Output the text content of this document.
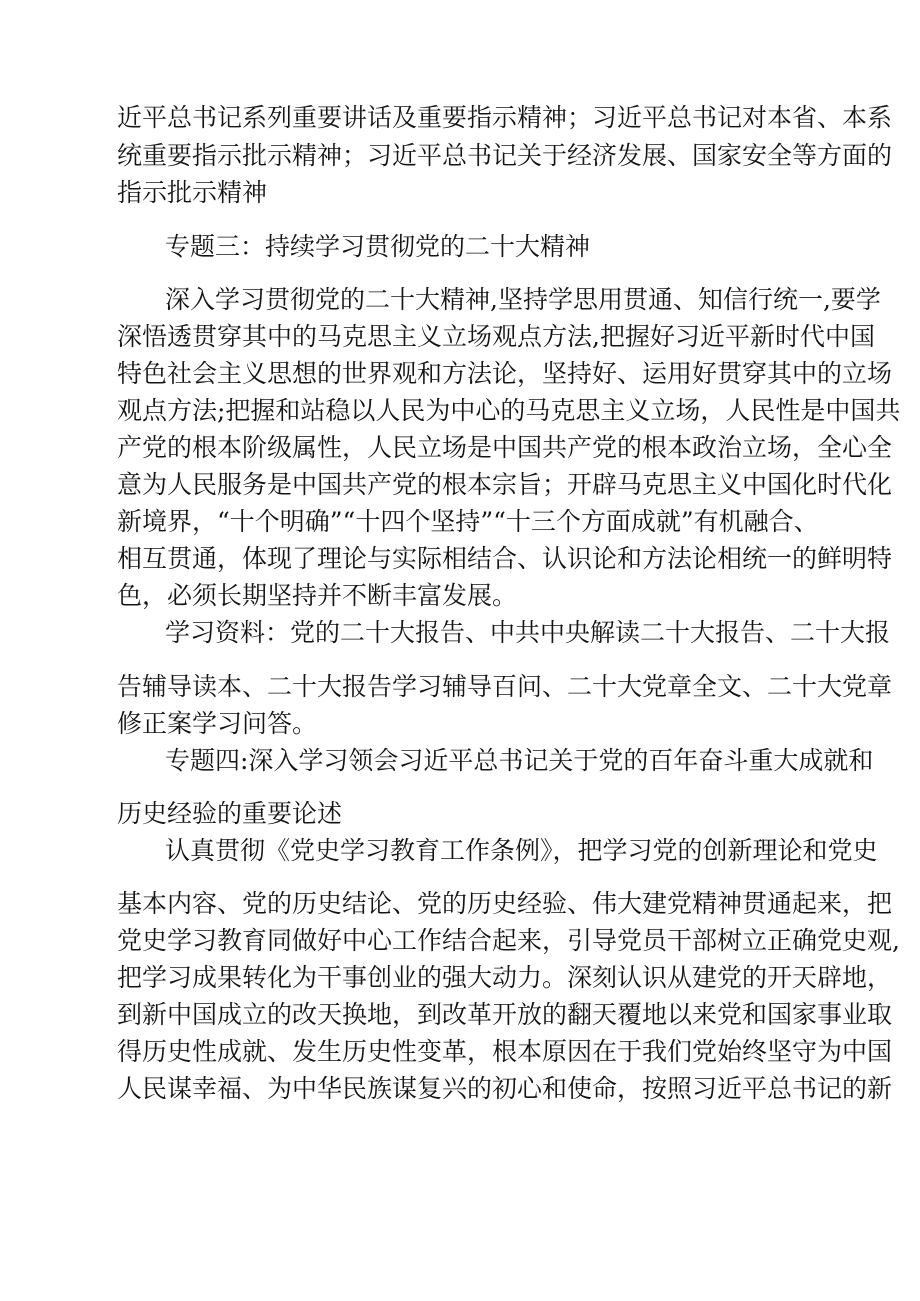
近平总书记系列重要讲话及重要指示精神；习近平总书记对本省、本系
统重要指示批示精神；习近平总书记关于经济发展、国家安全等方面的
指示批示精神
专题三：持续学习贯彻党的二十大精神
深入学习贯彻党的二十大精神,坚持学思用贯通、知信行统一,要学
深悟透贯穿其中的马克思主义立场观点方法,把握好习近平新时代中国
特色社会主义思想的世界观和方法论，坚持好、运用好贯穿其中的立场
观点方法;把握和站稳以人民为中心的马克思主义立场，人民性是中国共
产党的根本阶级属性，人民立场是中国共产党的根本政治立场，全心全
意为人民服务是中国共产党的根本宗旨；开辟马克思主义中国化时代化
新境界，“十个明确”“十四个坚持”“十三个方面成就”有机融合、
相互贯通，体现了理论与实际相结合、认识论和方法论相统一的鲜明特
色，必须长期坚持并不断丰富发展。
学习资料：党的二十大报告、中共中央解读二十大报告、二十大报
告辅导读本、二十大报告学习辅导百问、二十大党章全文、二十大党章
修正案学习问答。
专题四:深入学习领会习近平总书记关于党的百年奋斗重大成就和
历史经验的重要论述
认真贯彻《党史学习教育工作条例》，把学习党的创新理论和党史
基本内容、党的历史结论、党的历史经验、伟大建党精神贯通起来，把
党史学习教育同做好中心工作结合起来，引导党员干部树立正确党史观,
把学习成果转化为干事创业的强大动力。深刻认识从建党的开天辟地，
到新中国成立的改天换地，到改革开放的翻天覆地以来党和国家事业取
得历史性成就、发生历史性变革，根本原因在于我们党始终坚守为中国
人民谋幸福、为中华民族谋复兴的初心和使命，按照习近平总书记的新
